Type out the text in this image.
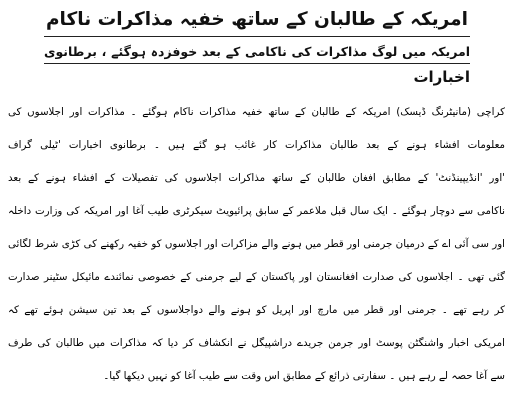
امریکہ کے طالبان کے ساتھ خفیہ مذاکرات ناکام
امریکہ میں لوگ مذاکرات کی ناکامی کے بعد خوفزدہ ہوگئے ، برطانوی
اخبارات
کراچی (مانیٹرنگ ڈیسک) امریکہ کے طالبان کے ساتھ خفیہ مذاکرات ناکام ہوگئے ۔ مذاکرات اور اجلاسوں کی
معلومات افشاء ہونے کے بعد طالبان مذاکرات کار غائب ہو گئے ہیں ۔ برطانوی اخبارات 'ٹیلی گراف
'اور 'انڈیپینڈنٹ' کے مطابق افغان طالبان کے ساتھ مذاکرات اجلاسوں کی تفصیلات کے افشاء ہونے کے بعد
ناکامی سے دوچار ہوگئے ۔ ایک سال قبل ملاعمر کے سابق پرائیویٹ سیکرٹری طیب آغا اور امریکہ کی وزارت داخلہ
اور سی آئی اے کے درمیان جرمنی اور قطر میں ہونے والے مزاکرات اور اجلاسوں کو خفیہ رکھنے کی کڑی شرط لگائی
گئی تھی ۔ اجلاسوں کی صدارت افغانستان اور پاکستان کے لیے جرمنی کے خصوصی نمائندے مائیکل سٹینر صدارت
کر رہے تھے ۔ جرمنی اور قطر میں مارچ اور اپریل کو ہونے والے دواجلاسوں کے بعد تین سیشن ہوئے تھے کہ
امریکی اخبار واشنگٹن پوسٹ اور جرمن جریدے دراشپیگل نے انکشاف کر دیا کہ مذاکرات میں طالبان کی طرف
سے آغا حصہ لے رہے ہیں ۔ سفارتی ذرائع کے مطابق اس وقت سے طیب آغا کو نہیں دیکھا گیا۔
